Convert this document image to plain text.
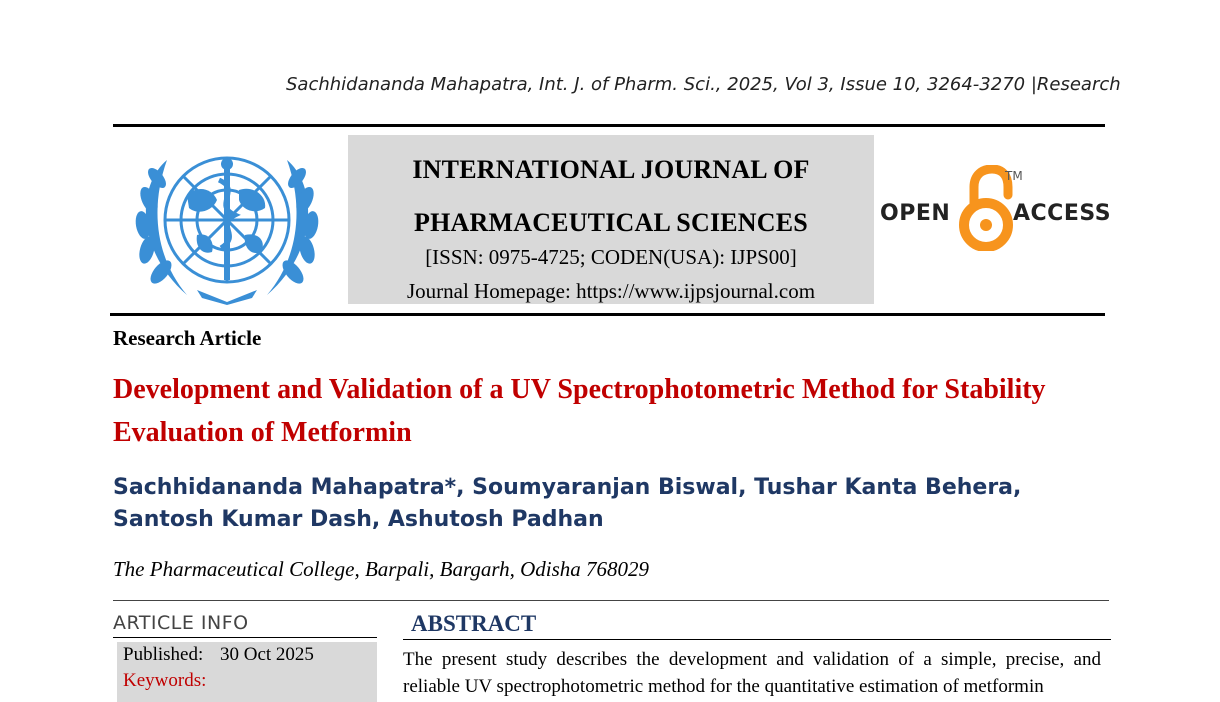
Sachhidananda Mahapatra, Int. J. of Pharm. Sci., 2025, Vol 3, Issue 10, 3264-3270 |Research
INTERNATIONAL JOURNAL OF
PHARMACEUTICAL SCIENCES
[ISSN: 0975-4725; CODEN(USA): IJPS00]
Journal Homepage: https://www.ijpsjournal.com
OPEN	ACCESS
TM
Research Article
Development and Validation of a UV Spectrophotometric Method for Stability Evaluation of Metformin
Sachhidananda Mahapatra*, Soumyaranjan Biswal, Tushar Kanta Behera, Santosh Kumar Dash, Ashutosh Padhan
The Pharmaceutical College, Barpali, Bargarh, Odisha 768029
ARTICLE INFO
Published: 30 Oct 2025
Keywords:
ABSTRACT
The present study describes the development and validation of a simple, precise, and reliable UV spectrophotometric method for the quantitative estimation of metformin
